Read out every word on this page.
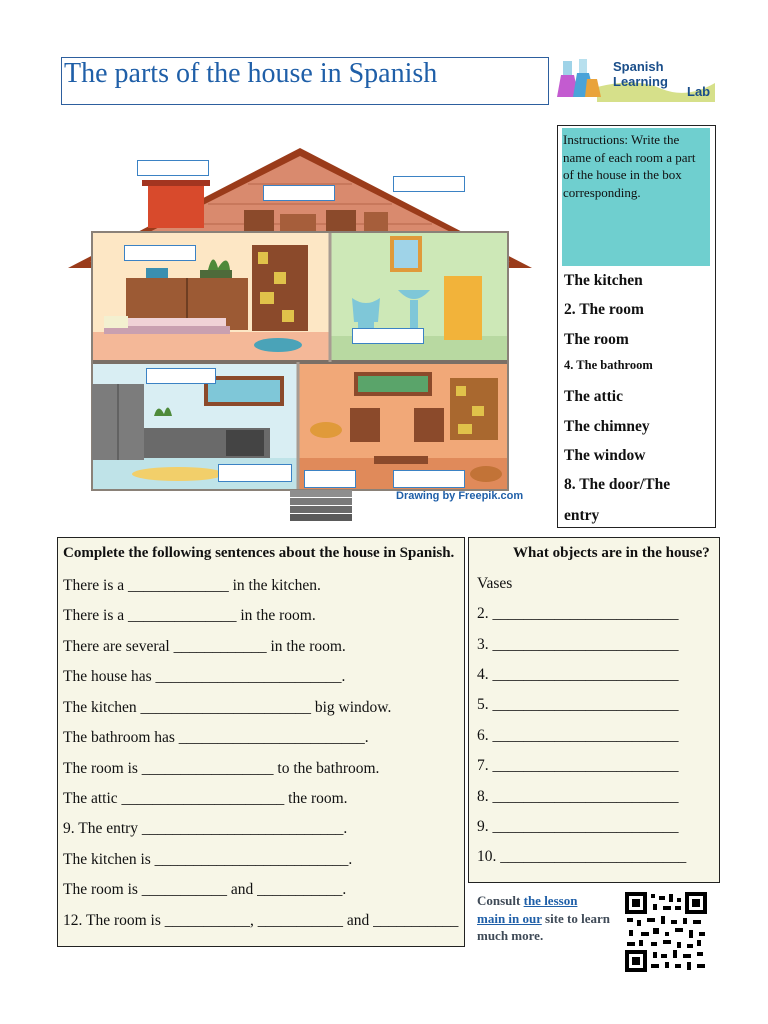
The parts of the house in Spanish	Spanish Learning
Lab
Drawing by Freepik.com
Instructions: Write the name of each room a part of the house in the box corresponding.
The kitchen
2. The room
The room
4. The bathroom
The attic
The chimney
The window
8. The door/The
entry
Complete the following sentences about the house in Spanish.
There is a _____________ in the kitchen.
There is a ______________ in the room.
There are several ____________ in the room.
The house has ________________________.
The kitchen ______________________ big window.
The bathroom has ________________________.
The room is _________________ to the bathroom.
The attic _____________________ the room.
9. The entry __________________________.
The kitchen is _________________________.
The room is ___________ and ___________.
12. The room is ___________, ___________ and ___________
What objects are in the house?
Vases
2. ________________________
3. ________________________
4. ________________________
5. ________________________
6. ________________________
7. ________________________
8. ________________________
9. ________________________
10. ________________________
Consult the lesson
main in our site to learn much more.
